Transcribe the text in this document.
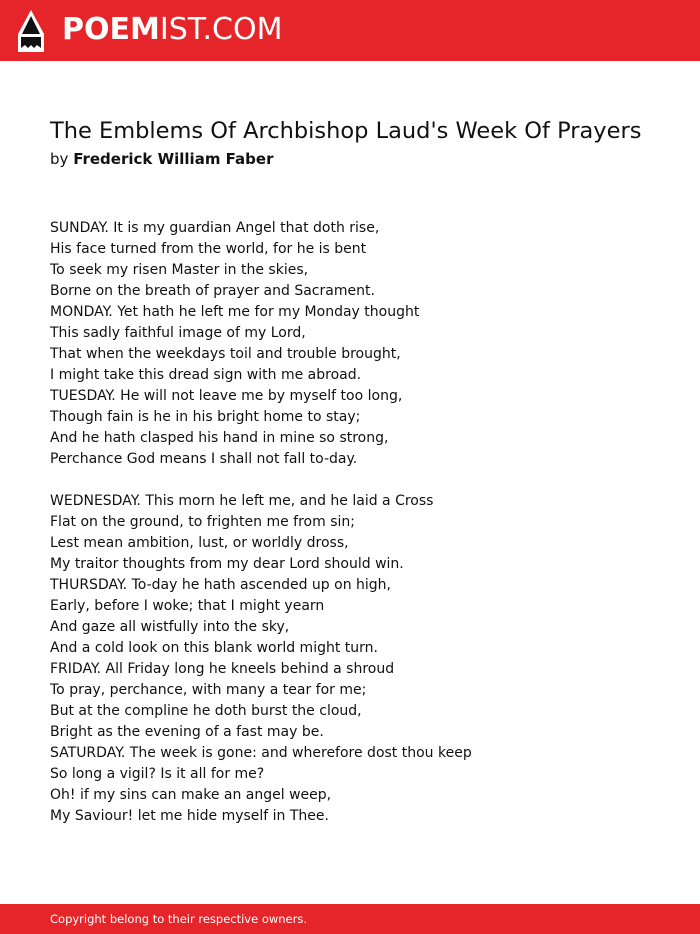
POEMIST.COM
The Emblems Of Archbishop Laud's Week Of Prayers
by Frederick William Faber
SUNDAY. It is my guardian Angel that doth rise,
His face turned from the world, for he is bent
To seek my risen Master in the skies,
Borne on the breath of prayer and Sacrament.
MONDAY. Yet hath he left me for my Monday thought
This sadly faithful image of my Lord,
That when the weekdays toil and trouble brought,
I might take this dread sign with me abroad.
TUESDAY. He will not leave me by myself too long,
Though fain is he in his bright home to stay;
And he hath clasped his hand in mine so strong,
Perchance God means I shall not fall to-day.
WEDNESDAY. This morn he left me, and he laid a Cross
Flat on the ground, to frighten me from sin;
Lest mean ambition, lust, or worldly dross,
My traitor thoughts from my dear Lord should win.
THURSDAY. To-day he hath ascended up on high,
Early, before I woke; that I might yearn
And gaze all wistfully into the sky,
And a cold look on this blank world might turn.
FRIDAY. All Friday long he kneels behind a shroud
To pray, perchance, with many a tear for me;
But at the compline he doth burst the cloud,
Bright as the evening of a fast may be.
SATURDAY. The week is gone: and wherefore dost thou keep
So long a vigil? Is it all for me?
Oh! if my sins can make an angel weep,
My Saviour! let me hide myself in Thee.
Copyright belong to their respective owners.
